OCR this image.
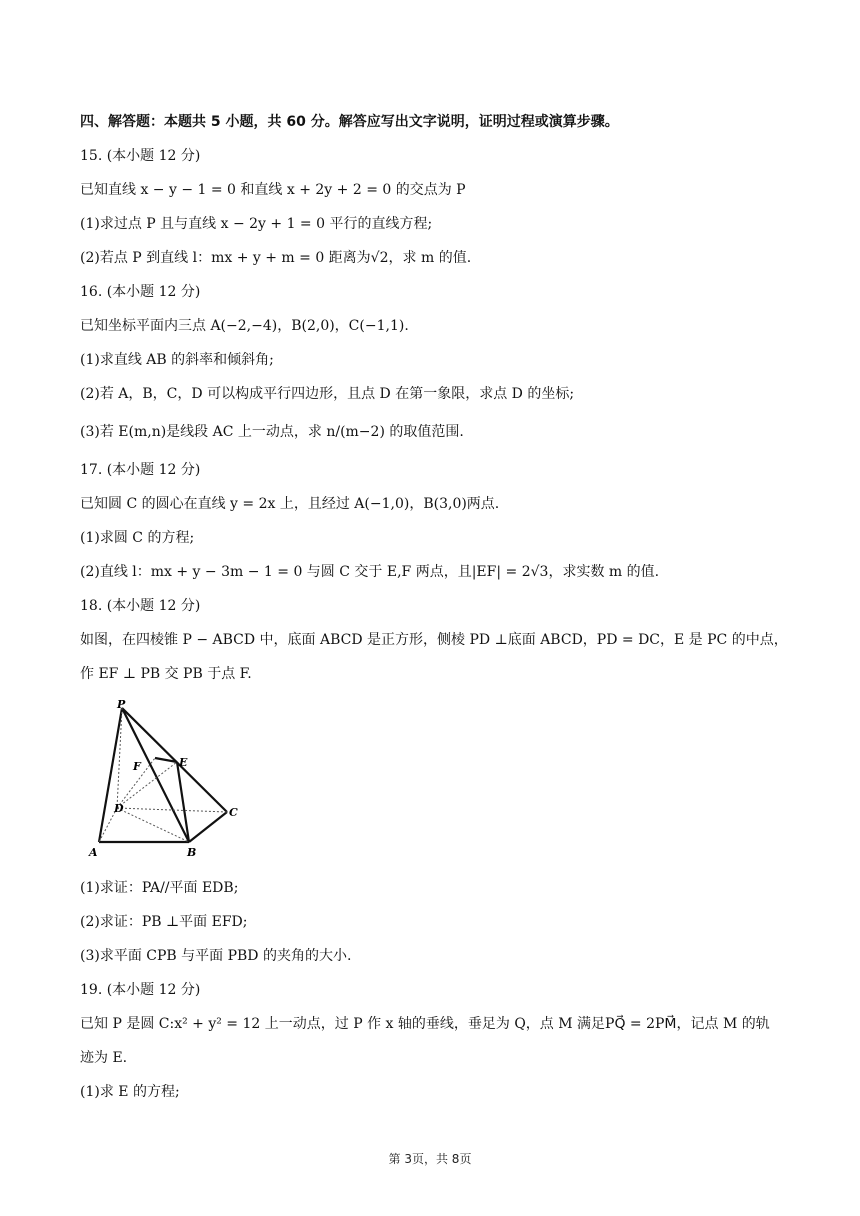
四、解答题：本题共 5 小题，共 60 分。解答应写出文字说明，证明过程或演算步骤。
15. (本小题 12 分)
已知直线 x − y − 1 = 0 和直线 x + 2y + 2 = 0 的交点为 P
(1)求过点 P 且与直线 x − 2y + 1 = 0 平行的直线方程;
(2)若点 P 到直线 l：mx + y + m = 0 距离为√2，求 m 的值.
16. (本小题 12 分)
已知坐标平面内三点 A(−2,−4)，B(2,0)，C(−1,1).
(1)求直线 AB 的斜率和倾斜角;
(2)若 A，B，C，D 可以构成平行四边形，且点 D 在第一象限，求点 D 的坐标;
(3)若 E(m,n)是线段 AC 上一动点，求 n/(m−2) 的取值范围.
17. (本小题 12 分)
已知圆 C 的圆心在直线 y = 2x 上，且经过 A(−1,0)，B(3,0)两点.
(1)求圆 C 的方程;
(2)直线 l：mx + y − 3m − 1 = 0 与圆 C 交于 E,F 两点，且|EF| = 2√3，求实数 m 的值.
18. (本小题 12 分)
如图，在四棱锥 P − ABCD 中，底面 ABCD 是正方形，侧棱 PD ⊥底面 ABCD，PD = DC，E 是 PC 的中点，
作 EF ⊥ PB 交 PB 于点 F.
P
F	E
D	C
A	B
(1)求证：PA//平面 EDB;
(2)求证：PB ⊥平面 EFD;
(3)求平面 CPB 与平面 PBD 的夹角的大小.
19. (本小题 12 分)
已知 P 是圆 C:x² + y² = 12 上一动点，过 P 作 x 轴的垂线，垂足为 Q，点 M 满足PQ⃗ = 2PM⃗，记点 M 的轨
迹为 E.
(1)求 E 的方程;
第 3页，共 8页
